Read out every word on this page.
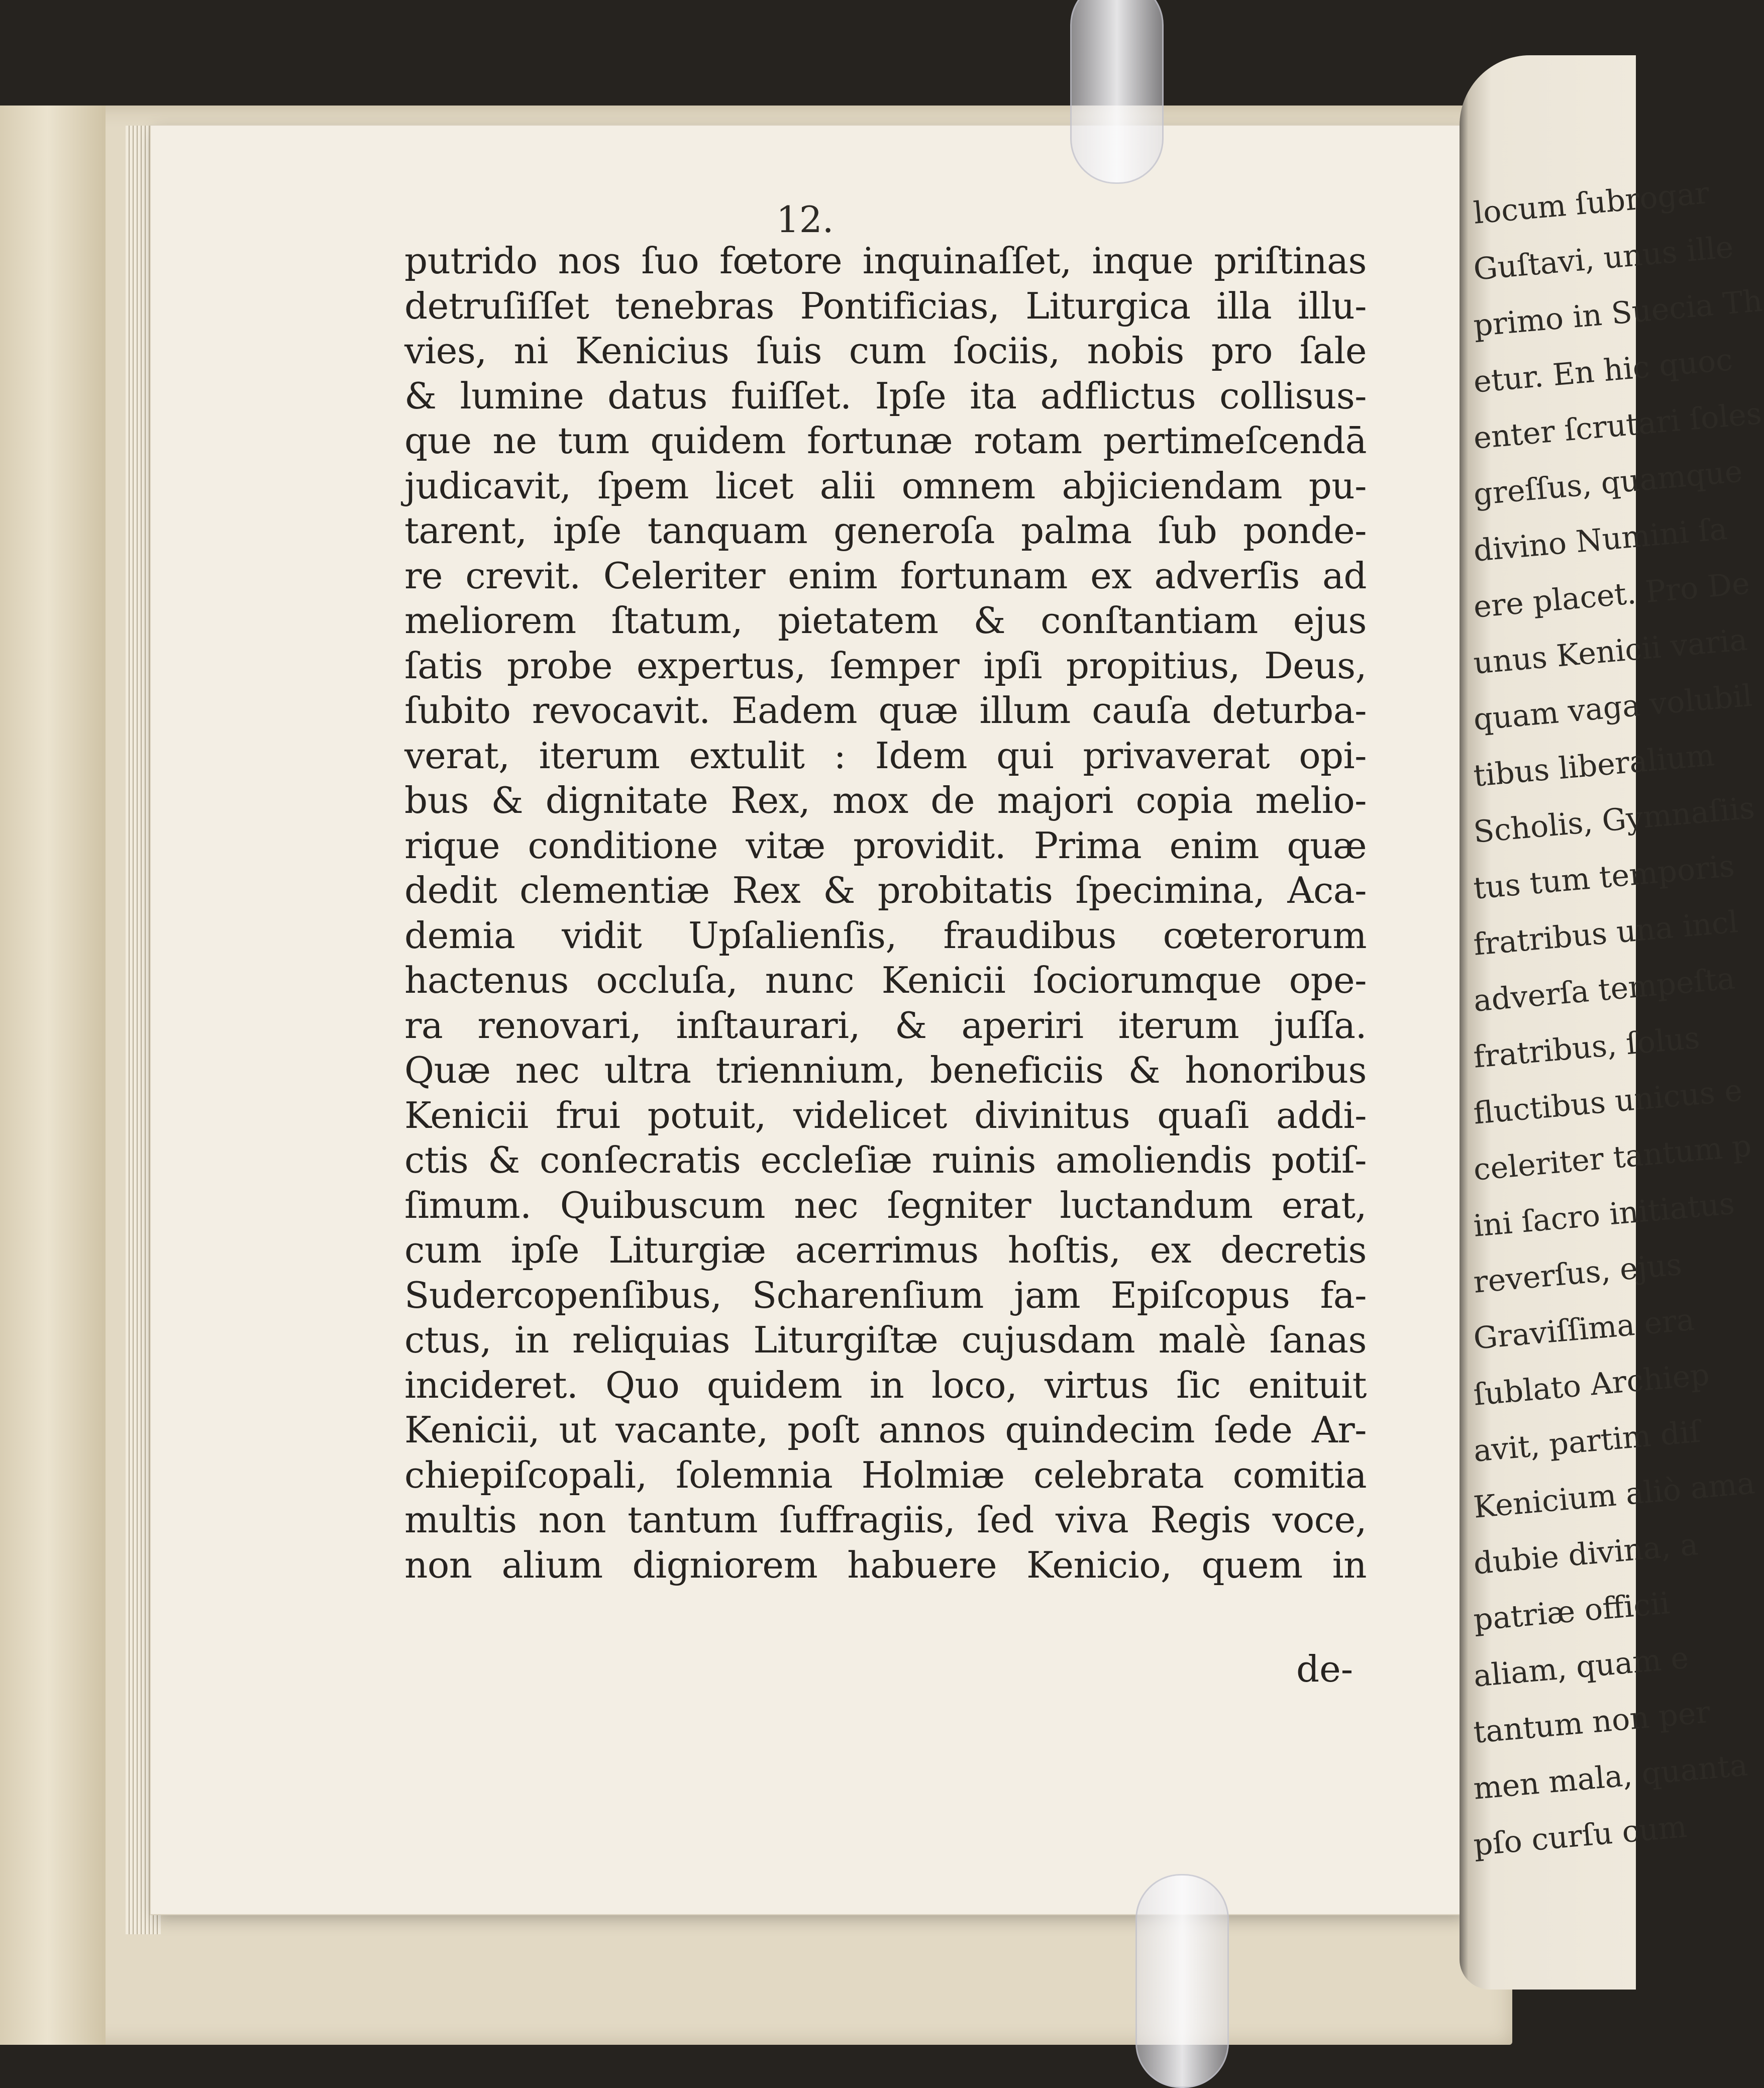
12.
putrido nos ſuo fœtore inquinaſſet, inque priſtinas
detruſiſſet tenebras Pontificias, Liturgica illa illu-
vies, ni Kenicius ſuis cum ſociis, nobis pro ſale
& lumine datus fuiſſet. Ipſe ita adflictus collisus-
que ne tum quidem fortunæ rotam pertimeſcendā
judicavit, ſpem licet alii omnem abjiciendam pu-
tarent, ipſe tanquam generoſa palma ſub ponde-
re crevit. Celeriter enim fortunam ex adverſis ad
meliorem ſtatum, pietatem & conſtantiam ejus
ſatis probe expertus, ſemper ipſi propitius, Deus,
ſubito revocavit. Eadem quæ illum cauſa deturba-
verat, iterum extulit : Idem qui privaverat opi-
bus & dignitate Rex, mox de majori copia melio-
rique conditione vitæ providit. Prima enim quæ
dedit clementiæ Rex & probitatis ſpecimina, Aca-
demia vidit Upſalienſis, fraudibus cœterorum
hactenus occluſa, nunc Kenicii ſociorumque ope-
ra renovari, inſtaurari, & aperiri iterum juſſa.
Quæ nec ultra triennium, beneficiis & honoribus
Kenicii frui potuit, videlicet divinitus quaſi addi-
ctis & conſecratis eccleſiæ ruinis amoliendis potiſ-
ſimum. Quibuscum nec ſegniter luctandum erat,
cum ipſe Liturgiæ acerrimus hoſtis, ex decretis
Sudercopenſibus, Scharenſium jam Epiſcopus fa-
ctus, in reliquias Liturgiſtæ cujusdam malè ſanas
incideret. Quo quidem in loco, virtus ſic enituit
Kenicii, ut vacante, poſt annos quindecim ſede Ar-
chiepiſcopali, ſolemnia Holmiæ celebrata comitia
multis non tantum ſuffragiis, ſed viva Regis voce,
non alium digniorem habuere Kenicio, quem in
de-
locum ſubrogar
Guſtavi, unus ille
primo in Suecia Th
etur. En hic quoc
enter ſcrutari ſoles
greſſus, quamque
divino Numini ſa
ere placet. Pro De
unus Kenicii varia
quam vaga volubil
tibus liberalium
Scholis, Gymnaſiis
tus tum temporis
fratribus una incl
adverſa tempeſta
fratribus, ſolus
fluctibus unicus e
celeriter tantum p
ini ſacro initiatus
reverſus, ejus
Graviſſima era
ſublato Archiep
avit, partim diſ
Kenicium aliò ama
dubie divina, a
patriæ officii
aliam, quam e
tantum non per
men mala, quanta
pſo curſu cum
